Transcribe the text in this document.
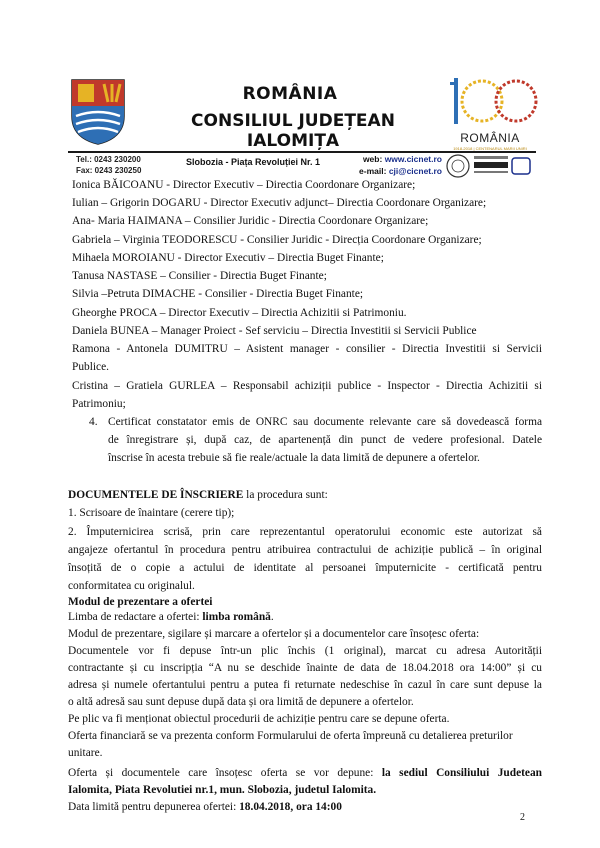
ROMÂNIA
CONSILIUL JUDEȚEAN IALOMIȚA	ROMÂNIA
1918-2018 | CENTENARUL MARII UNIRI
Tel.: 0243 230200
Fax: 0243 230250
Slobozia - Piața Revoluției Nr. 1	web: www.cicnet.ro
e-mail: cji@cicnet.ro
Ionica BĂICOANU - Director Executiv – Directia Coordonare Organizare;
Iulian – Grigorin DOGARU - Director Executiv adjunct– Directia Coordonare Organizare;
Ana- Maria HAIMANA – Consilier Juridic - Directia Coordonare Organizare;
Gabriela – Virginia TEODORESCU - Consilier Juridic - Direcția Coordonare Organizare;
Mihaela MOROIANU - Director Executiv – Directia Buget Finante;
Tanusa NASTASE – Consilier - Directia Buget Finante;
Silvia –Petruta DIMACHE - Consilier - Directia Buget Finante;
Gheorghe PROCA – Director Executiv – Directia Achizitii si Patrimoniu.
Daniela BUNEA – Manager Proiect - Sef serviciu – Directia Investitii si Servicii Publice
Ramona - Antonela DUMITRU – Asistent manager - consilier - Directia Investitii si Servicii
Publice.
Cristina – Gratiela GURLEA – Responsabil achiziții publice - Inspector - Directia Achizitii si
Patrimoniu;
4. Certificat constatator emis de ONRC sau documente relevante care să dovedească forma
de înregistrare și, după caz, de apartenență din punct de vedere profesional. Datele
înscrise în acesta trebuie să fie reale/actuale la data limită de depunere a ofertelor.
DOCUMENTELE DE ÎNSCRIERE la procedura sunt:
1. Scrisoare de înaintare (cerere tip);
2. Împuternicirea scrisă, prin care reprezentantul operatorului economic este autorizat să
angajeze ofertantul în procedura pentru atribuirea contractului de achiziție publică – în original
însoțită de o copie a actului de identitate al persoanei împuternicite - certificată pentru
conformitatea cu originalul.
Modul de prezentare a ofertei
Limba de redactare a ofertei: limba română.
Modul de prezentare, sigilare și marcare a ofertelor și a documentelor care însoțesc oferta:
Documentele vor fi depuse într-un plic închis (1 original), marcat cu adresa Autorității
contractante și cu inscripția “A nu se deschide înainte de data de 18.04.2018 ora 14:00” și cu
adresa și numele ofertantului pentru a putea fi returnate nedeschise în cazul în care sunt depuse la
o altă adresă sau sunt depuse după data și ora limită de depunere a ofertelor.
Pe plic va fi menționat obiectul procedurii de achiziție pentru care se depune oferta.
Oferta financiară se va prezenta conform Formularului de oferta împreună cu detalierea preturilor
unitare.
Oferta și documentele care însoțesc oferta se vor depune: la sediul Consiliului Judetean
Ialomita, Piata Revolutiei nr.1, mun. Slobozia, judetul Ialomita.
Data limită pentru depunerea ofertei: 18.04.2018, ora 14:00
2
